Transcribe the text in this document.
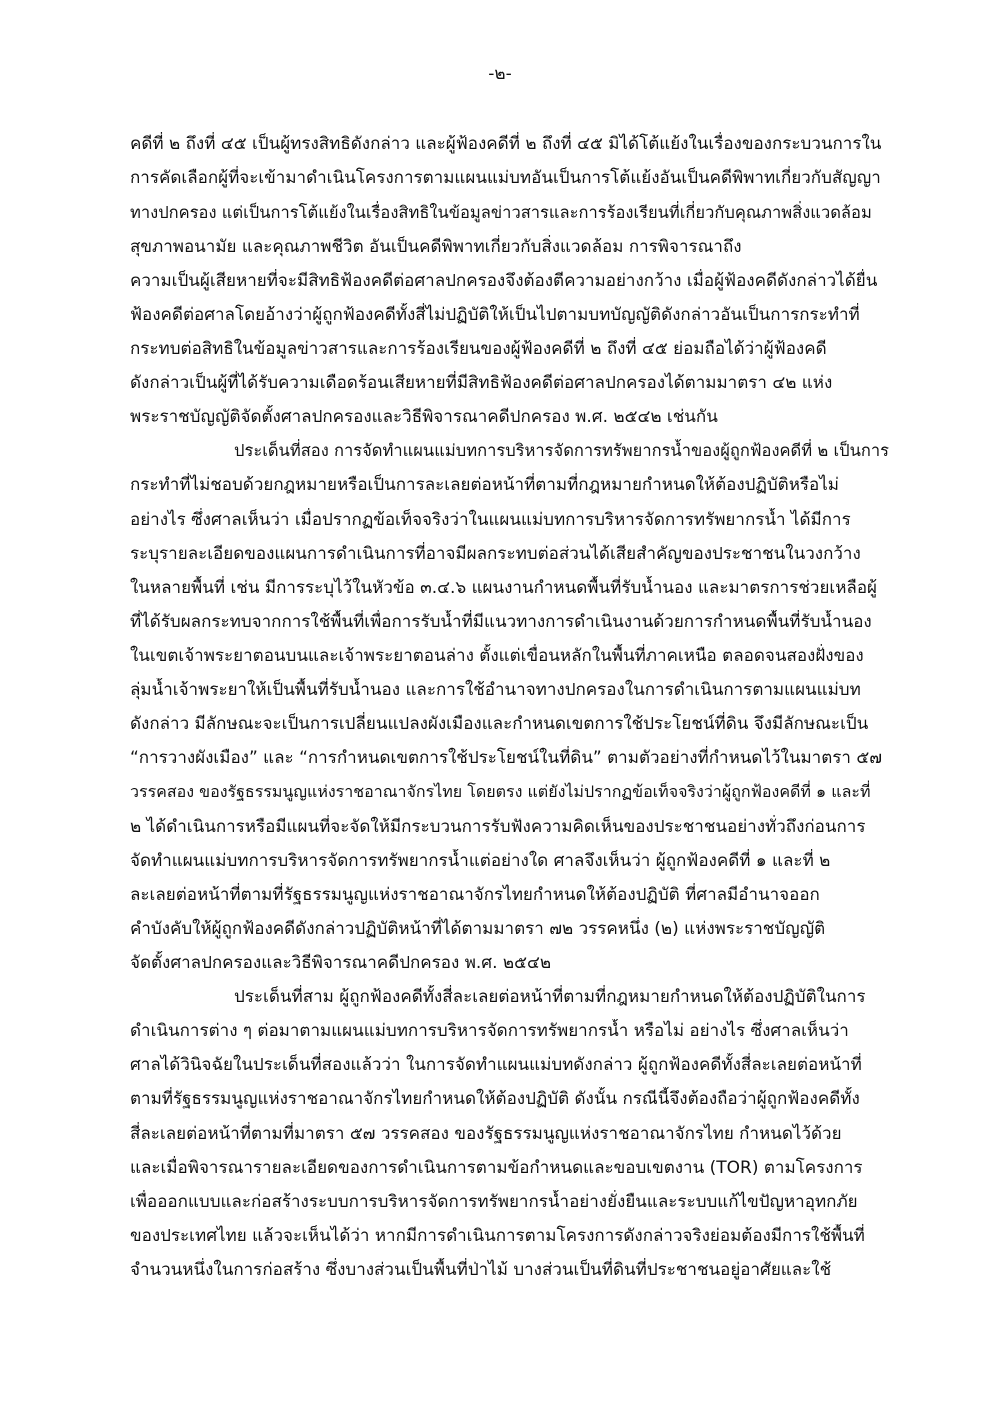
-๒-
คดีที่ ๒ ถึงที่ ๔๕ เป็นผู้ทรงสิทธิดังกล่าว และผู้ฟ้องคดีที่ ๒ ถึงที่ ๔๕ มิได้โต้แย้งในเรื่องของกระบวนการใน
การคัดเลือกผู้ที่จะเข้ามาดำเนินโครงการตามแผนแม่บทอันเป็นการโต้แย้งอันเป็นคดีพิพาทเกี่ยวกับสัญญา
ทางปกครอง แต่เป็นการโต้แย้งในเรื่องสิทธิในข้อมูลข่าวสารและการร้องเรียนที่เกี่ยวกับคุณภาพสิ่งแวดล้อม
สุขภาพอนามัย และคุณภาพชีวิต อันเป็นคดีพิพาทเกี่ยวกับสิ่งแวดล้อม การพิจารณาถึง
ความเป็นผู้เสียหายที่จะมีสิทธิฟ้องคดีต่อศาลปกครองจึงต้องตีความอย่างกว้าง เมื่อผู้ฟ้องคดีดังกล่าวได้ยื่น
ฟ้องคดีต่อศาลโดยอ้างว่าผู้ถูกฟ้องคดีทั้งสี่ไม่ปฏิบัติให้เป็นไปตามบทบัญญัติดังกล่าวอันเป็นการกระทำที่
กระทบต่อสิทธิในข้อมูลข่าวสารและการร้องเรียนของผู้ฟ้องคดีที่ ๒ ถึงที่ ๔๕ ย่อมถือได้ว่าผู้ฟ้องคดี
ดังกล่าวเป็นผู้ที่ได้รับความเดือดร้อนเสียหายที่มีสิทธิฟ้องคดีต่อศาลปกครองได้ตามมาตรา ๔๒ แห่ง
พระราชบัญญัติจัดตั้งศาลปกครองและวิธีพิจารณาคดีปกครอง พ.ศ. ๒๕๔๒ เช่นกัน
ประเด็นที่สอง การจัดทำแผนแม่บทการบริหารจัดการทรัพยากรน้ำของผู้ถูกฟ้องคดีที่ ๒ เป็นการ
กระทำที่ไม่ชอบด้วยกฎหมายหรือเป็นการละเลยต่อหน้าที่ตามที่กฎหมายกำหนดให้ต้องปฏิบัติหรือไม่
อย่างไร ซึ่งศาลเห็นว่า เมื่อปรากฏข้อเท็จจริงว่าในแผนแม่บทการบริหารจัดการทรัพยากรน้ำ ได้มีการ
ระบุรายละเอียดของแผนการดำเนินการที่อาจมีผลกระทบต่อส่วนได้เสียสำคัญของประชาชนในวงกว้าง
ในหลายพื้นที่ เช่น มีการระบุไว้ในหัวข้อ ๓.๔.๖ แผนงานกำหนดพื้นที่รับน้ำนอง และมาตรการช่วยเหลือผู้
ที่ได้รับผลกระทบจากการใช้พื้นที่เพื่อการรับน้ำที่มีแนวทางการดำเนินงานด้วยการกำหนดพื้นที่รับน้ำนอง
ในเขตเจ้าพระยาตอนบนและเจ้าพระยาตอนล่าง ตั้งแต่เขื่อนหลักในพื้นที่ภาคเหนือ ตลอดจนสองฝั่งของ
ลุ่มน้ำเจ้าพระยาให้เป็นพื้นที่รับน้ำนอง และการใช้อำนาจทางปกครองในการดำเนินการตามแผนแม่บท
ดังกล่าว มีลักษณะจะเป็นการเปลี่ยนแปลงผังเมืองและกำหนดเขตการใช้ประโยชน์ที่ดิน จึงมีลักษณะเป็น
“การวางผังเมือง” และ “การกำหนดเขตการใช้ประโยชน์ในที่ดิน” ตามตัวอย่างที่กำหนดไว้ในมาตรา ๕๗
วรรคสอง ของรัฐธรรมนูญแห่งราชอาณาจักรไทย โดยตรง แต่ยังไม่ปรากฏข้อเท็จจริงว่าผู้ถูกฟ้องคดีที่ ๑ และที่
๒ ได้ดำเนินการหรือมีแผนที่จะจัดให้มีกระบวนการรับฟังความคิดเห็นของประชาชนอย่างทั่วถึงก่อนการ
จัดทำแผนแม่บทการบริหารจัดการทรัพยากรน้ำแต่อย่างใด ศาลจึงเห็นว่า ผู้ถูกฟ้องคดีที่ ๑ และที่ ๒
ละเลยต่อหน้าที่ตามที่รัฐธรรมนูญแห่งราชอาณาจักรไทยกำหนดให้ต้องปฏิบัติ ที่ศาลมีอำนาจออก
คำบังคับให้ผู้ถูกฟ้องคดีดังกล่าวปฏิบัติหน้าที่ได้ตามมาตรา ๗๒ วรรคหนึ่ง (๒) แห่งพระราชบัญญัติ
จัดตั้งศาลปกครองและวิธีพิจารณาคดีปกครอง พ.ศ. ๒๕๔๒
ประเด็นที่สาม ผู้ถูกฟ้องคดีทั้งสี่ละเลยต่อหน้าที่ตามที่กฎหมายกำหนดให้ต้องปฏิบัติในการ
ดำเนินการต่าง ๆ ต่อมาตามแผนแม่บทการบริหารจัดการทรัพยากรน้ำ หรือไม่ อย่างไร ซึ่งศาลเห็นว่า
ศาลได้วินิจฉัยในประเด็นที่สองแล้วว่า ในการจัดทำแผนแม่บทดังกล่าว ผู้ถูกฟ้องคดีทั้งสี่ละเลยต่อหน้าที่
ตามที่รัฐธรรมนูญแห่งราชอาณาจักรไทยกำหนดให้ต้องปฏิบัติ ดังนั้น กรณีนี้จึงต้องถือว่าผู้ถูกฟ้องคดีทั้ง
สี่ละเลยต่อหน้าที่ตามที่มาตรา ๕๗ วรรคสอง ของรัฐธรรมนูญแห่งราชอาณาจักรไทย กำหนดไว้ด้วย
และเมื่อพิจารณารายละเอียดของการดำเนินการตามข้อกำหนดและขอบเขตงาน (TOR) ตามโครงการ
เพื่อออกแบบและก่อสร้างระบบการบริหารจัดการทรัพยากรน้ำอย่างยั่งยืนและระบบแก้ไขปัญหาอุทกภัย
ของประเทศไทย แล้วจะเห็นได้ว่า หากมีการดำเนินการตามโครงการดังกล่าวจริงย่อมต้องมีการใช้พื้นที่
จำนวนหนึ่งในการก่อสร้าง ซึ่งบางส่วนเป็นพื้นที่ป่าไม้ บางส่วนเป็นที่ดินที่ประชาชนอยู่อาศัยและใช้
